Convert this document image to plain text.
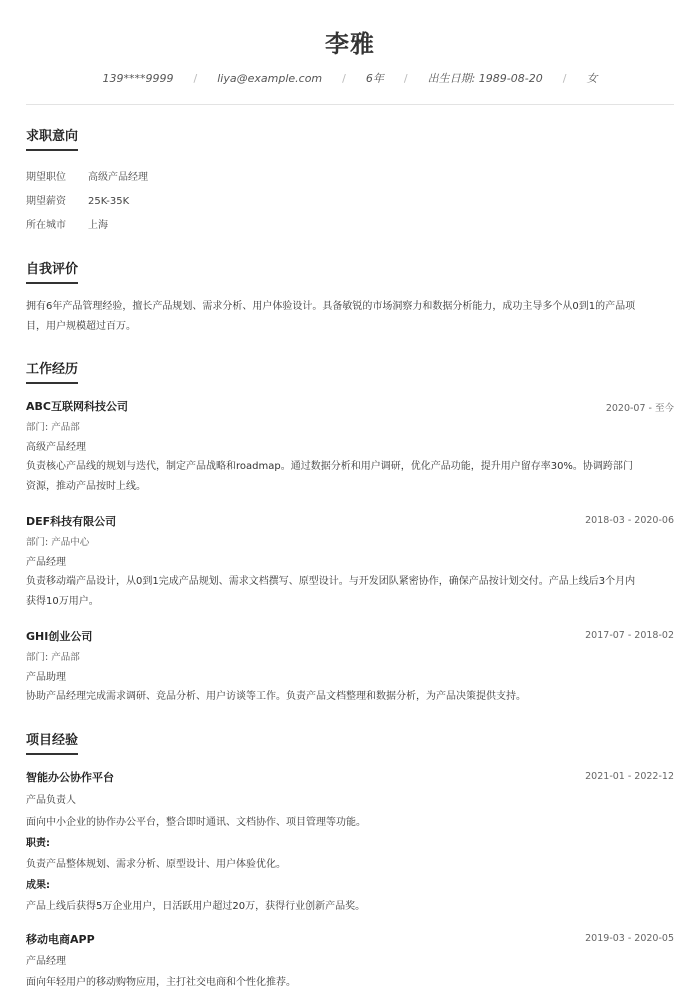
李雅
139****9999 / liya@example.com / 6年 / 出生日期: 1989-08-20 / 女
求职意向
期望职位 高级产品经理
期望薪资 25K-35K
所在城市 上海
自我评价
拥有6年产品管理经验，擅长产品规划、需求分析、用户体验设计。具备敏锐的市场洞察力和数据分析能力，成功主导多个从0到1的产品项
目，用户规模超过百万。
工作经历
ABC互联网科技公司	2020-07 - 至今
部门: 产品部
高级产品经理
负责核心产品线的规划与迭代，制定产品战略和roadmap。通过数据分析和用户调研，优化产品功能，提升用户留存率30%。协调跨部门
资源，推动产品按时上线。
DEF科技有限公司	2018-03 - 2020-06
部门: 产品中心
产品经理
负责移动端产品设计，从0到1完成产品规划、需求文档撰写、原型设计。与开发团队紧密协作，确保产品按计划交付。产品上线后3个月内
获得10万用户。
GHI创业公司	2017-07 - 2018-02
部门: 产品部
产品助理
协助产品经理完成需求调研、竞品分析、用户访谈等工作。负责产品文档整理和数据分析，为产品决策提供支持。
项目经验
智能办公协作平台	2021-01 - 2022-12
产品负责人
面向中小企业的协作办公平台，整合即时通讯、文档协作、项目管理等功能。
职责:
负责产品整体规划、需求分析、原型设计、用户体验优化。
成果:
产品上线后获得5万企业用户，日活跃用户超过20万，获得行业创新产品奖。
移动电商APP	2019-03 - 2020-05
产品经理
面向年轻用户的移动购物应用，主打社交电商和个性化推荐。
